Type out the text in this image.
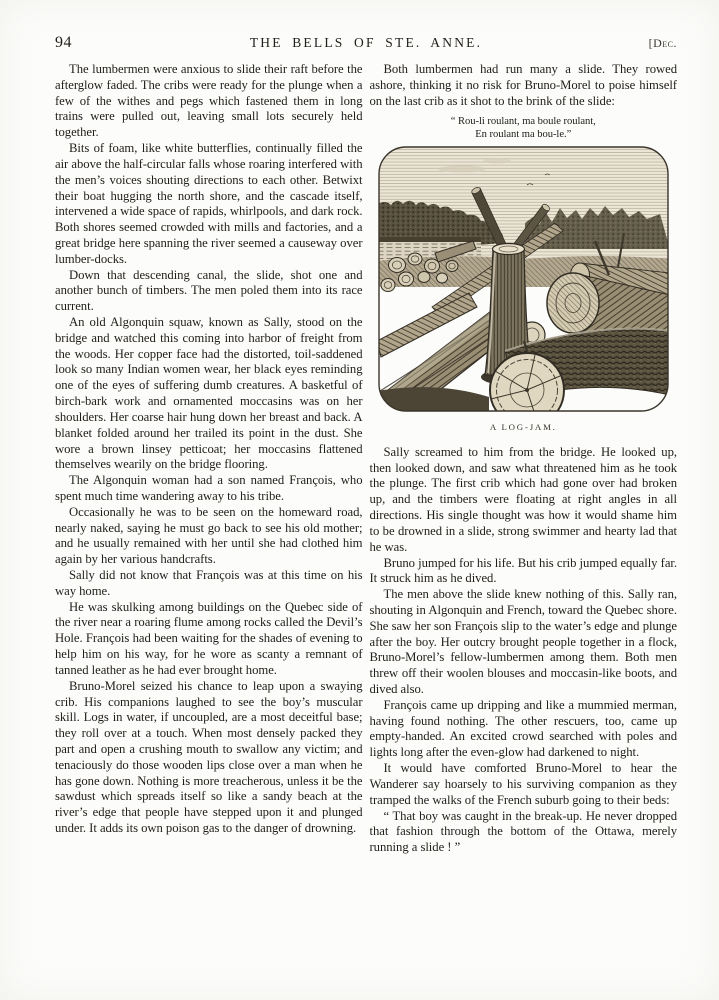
94	THE BELLS OF STE. ANNE.	[Dec.

The lumbermen were anxious to slide their raft before the afterglow faded. The cribs were ready for the plunge when a few of the withes and pegs which fastened them in long trains were pulled out, leaving small lots securely held together.

Bits of foam, like white butterflies, continually filled the air above the half-circular falls whose roaring interfered with the men’s voices shouting directions to each other. Betwixt their boat hugging the north shore, and the cascade itself, intervened a wide space of rapids, whirlpools, and dark rock. Both shores seemed crowded with mills and factories, and a great bridge here spanning the river seemed a causeway over lumber-docks.

Down that descending canal, the slide, shot one and another bunch of timbers. The men poled them into its race current.

An old Algonquin squaw, known as Sally, stood on the bridge and watched this coming into harbor of freight from the woods. Her copper face had the distorted, toil-saddened look so many Indian women wear, her black eyes reminding one of the eyes of suffering dumb creatures. A basketful of birch-bark work and ornamented moccasins was on her shoulders. Her coarse hair hung down her breast and back. A blanket folded around her trailed its point in the dust. She wore a brown linsey petticoat; her moccasins flattened themselves wearily on the bridge flooring.

The Algonquin woman had a son named François, who spent much time wandering away to his tribe.

Occasionally he was to be seen on the homeward road, nearly naked, saying he must go back to see his old mother; and he usually remained with her until she had clothed him again by her various handcrafts.

Sally did not know that François was at this time on his way home.

He was skulking among buildings on the Quebec side of the river near a roaring flume among rocks called the Devil’s Hole. François had been waiting for the shades of evening to help him on his way, for he wore as scanty a remnant of tanned leather as he had ever brought home.

Bruno-Morel seized his chance to leap upon a swaying crib. His companions laughed to see the boy’s muscular skill. Logs in water, if uncoupled, are a most deceitful base; they roll over at a touch. When most densely packed they part and open a crushing mouth to swallow any victim; and tenaciously do those wooden lips close over a man when he has gone down. Nothing is more treacherous, unless it be the sawdust which spreads itself so like a sandy beach at the river’s edge that people have stepped upon it and plunged under. It adds its own poison gas to the danger of drowning.

Both lumbermen had run many a slide. They rowed ashore, thinking it no risk for Bruno-Morel to poise himself on the last crib as it shot to the brink of the slide:

“ Rou-li roulant, ma boule roulant,
En roulant ma bou-le.”
A LOG-JAM.

Sally screamed to him from the bridge. He looked up, then looked down, and saw what threatened him as he took the plunge. The first crib which had gone over had broken up, and the timbers were floating at right angles in all directions. His single thought was how it would shame him to be drowned in a slide, strong swimmer and hearty lad that he was.

Bruno jumped for his life. But his crib jumped equally far. It struck him as he dived.

The men above the slide knew nothing of this. Sally ran, shouting in Algonquin and French, toward the Quebec shore. She saw her son François slip to the water’s edge and plunge after the boy. Her outcry brought people together in a flock, Bruno-Morel’s fellow-lumbermen among them. Both men threw off their woolen blouses and moccasin-like boots, and dived also.

François came up dripping and like a mummied merman, having found nothing. The other rescuers, too, came up empty-handed. An excited crowd searched with poles and lights long after the even-glow had darkened to night.

It would have comforted Bruno-Morel to hear the Wanderer say hoarsely to his surviving companion as they tramped the walks of the French suburb going to their beds:

“ That boy was caught in the break-up. He never dropped that fashion through the bottom of the Ottawa, merely running a slide ! ”
